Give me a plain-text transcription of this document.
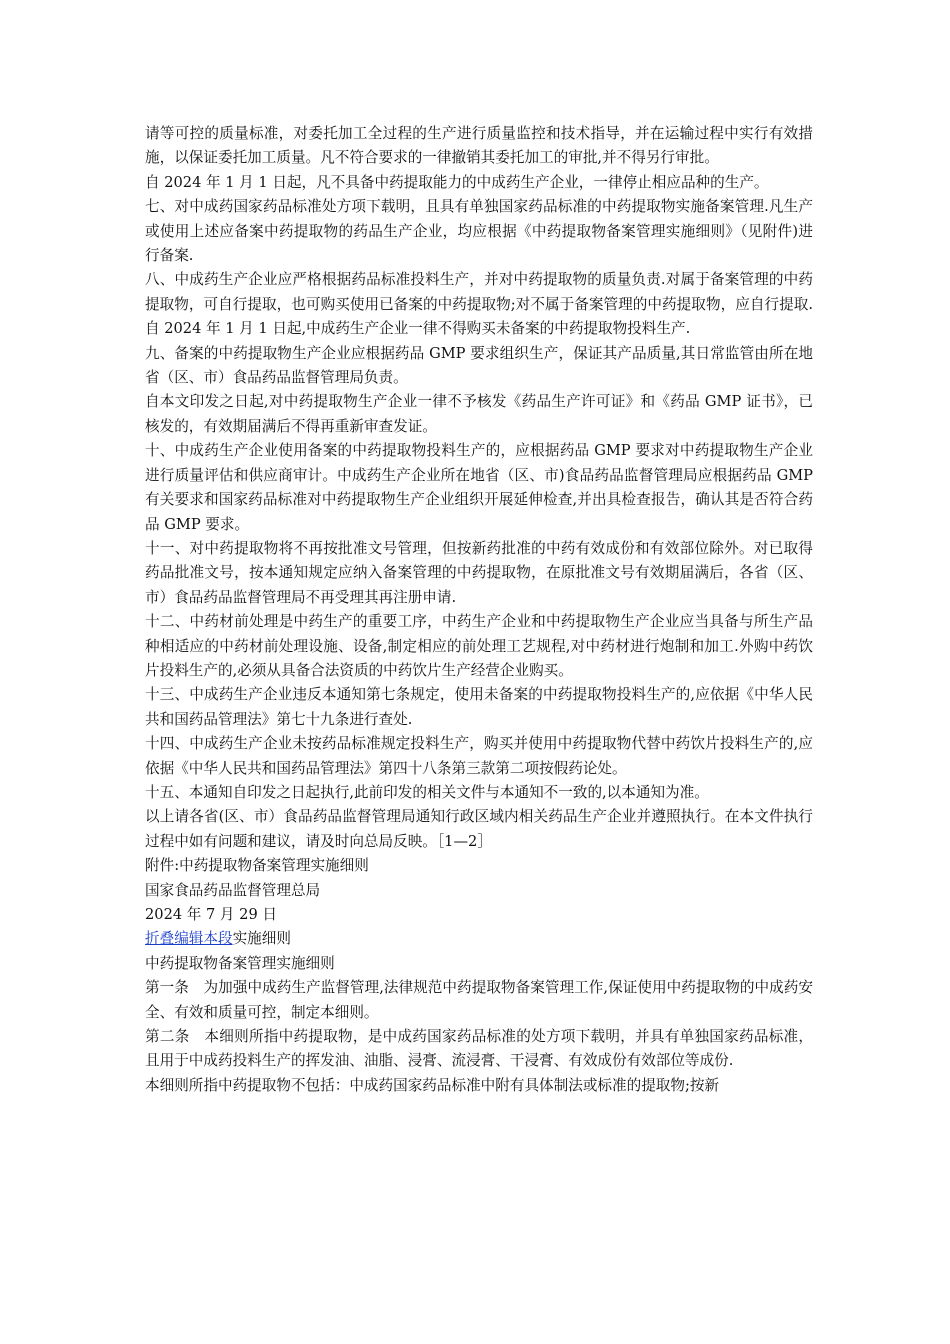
请等可控的质量标准，对委托加工全过程的生产进行质量监控和技术指导，并在运输过程中实行有效措施，以保证委托加工质量。凡不符合要求的一律撤销其委托加工的审批,并不得另行审批。

自 2024 年 1 月 1 日起，凡不具备中药提取能力的中成药生产企业，一律停止相应品种的生产。

七、对中成药国家药品标准处方项下载明，且具有单独国家药品标准的中药提取物实施备案管理.凡生产或使用上述应备案中药提取物的药品生产企业，均应根据《中药提取物备案管理实施细则》（见附件)进行备案.

八、中成药生产企业应严格根据药品标准投料生产，并对中药提取物的质量负责.对属于备案管理的中药提取物，可自行提取，也可购买使用已备案的中药提取物;对不属于备案管理的中药提取物，应自行提取.自 2024 年 1 月 1 日起,中成药生产企业一律不得购买未备案的中药提取物投料生产.

九、备案的中药提取物生产企业应根据药品 GMP 要求组织生产，保证其产品质量,其日常监管由所在地省（区、市）食品药品监督管理局负责。

自本文印发之日起,对中药提取物生产企业一律不予核发《药品生产许可证》和《药品 GMP 证书》，已核发的，有效期届满后不得再重新审查发证。

十、中成药生产企业使用备案的中药提取物投料生产的，应根据药品 GMP 要求对中药提取物生产企业进行质量评估和供应商审计。中成药生产企业所在地省（区、市)食品药品监督管理局应根据药品 GMP 有关要求和国家药品标准对中药提取物生产企业组织开展延伸检查,并出具检查报告，确认其是否符合药品 GMP 要求。

十一、对中药提取物将不再按批准文号管理，但按新药批准的中药有效成份和有效部位除外。对已取得药品批准文号，按本通知规定应纳入备案管理的中药提取物，在原批准文号有效期届满后，各省（区、市）食品药品监督管理局不再受理其再注册申请.

十二、中药材前处理是中药生产的重要工序，中药生产企业和中药提取物生产企业应当具备与所生产品种相适应的中药材前处理设施、设备,制定相应的前处理工艺规程,对中药材进行炮制和加工.外购中药饮片投料生产的,必须从具备合法资质的中药饮片生产经营企业购买。

十三、中成药生产企业违反本通知第七条规定，使用未备案的中药提取物投料生产的,应依据《中华人民共和国药品管理法》第七十九条进行查处.

十四、中成药生产企业未按药品标准规定投料生产，购买并使用中药提取物代替中药饮片投料生产的,应依据《中华人民共和国药品管理法》第四十八条第三款第二项按假药论处。

十五、本通知自印发之日起执行,此前印发的相关文件与本通知不一致的,以本通知为准。

以上请各省(区、市）食品药品监督管理局通知行政区域内相关药品生产企业并遵照执行。在本文件执行过程中如有问题和建议，请及时向总局反映。［1—2］

附件:中药提取物备案管理实施细则

国家食品药品监督管理总局

2024 年 7 月 29 日

折叠编辑本段实施细则

中药提取物备案管理实施细则

第一条　为加强中成药生产监督管理,法律规范中药提取物备案管理工作,保证使用中药提取物的中成药安全、有效和质量可控，制定本细则。

第二条　本细则所指中药提取物，是中成药国家药品标准的处方项下载明，并具有单独国家药品标准，且用于中成药投料生产的挥发油、油脂、浸膏、流浸膏、干浸膏、有效成份有效部位等成份.

本细则所指中药提取物不包括：中成药国家药品标准中附有具体制法或标准的提取物;按新
